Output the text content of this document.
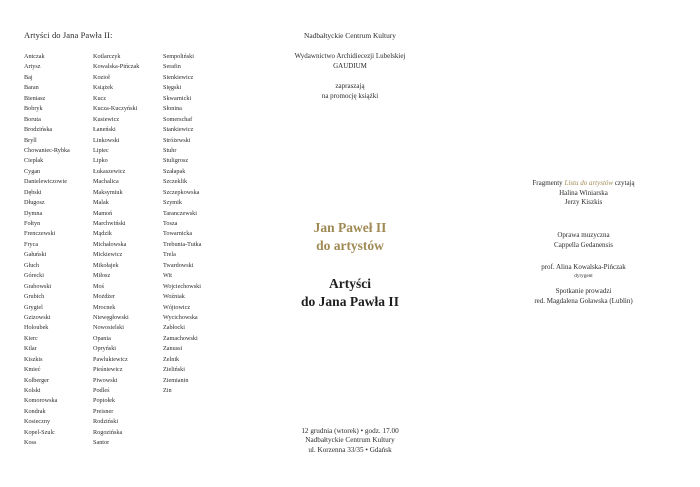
Artyści do Jana Pawła II:
Antczak
Artysz
Baj
Baran
Bieniasz
Bobryk
Boruta
Brodzińska
Bryll
Chowaniec-Rybka
Cieplak
Cygan
Danielewiczowie
Dębski
Długosz
Dymna
Fołtyn
Frenczewski
Fryca
Gałuński
Głuch
Górecki
Grabowski
Grubich
Grygiel
Gzizowski
Holoubek
Kierc
Kilar
Kiszkis
Kmieć
Kolberger
Kolski
Komorowska
Kondrak
Kosieczny
Kopel-Szulc
Koss
Kotlarczyk
Kowalska-Pińczak
Kozioł
Książek
Kucz
Kucza-Kuczyński
Kusiewicz
Łaneński
Linkowski
Lipiec
Lipko
Łukaszewicz
Machalica
Maksymiuk
Malak
Mamoń
Marchwiński
Mądzik
Michałowska
Mickiewicz
Mikołajek
Miłosz
Moś
Możdżer
Mrocnek
Niewęgłowski
Nowosielski
Opania
Opryński
Pawlukiewicz
Pieśniewicz
Piwowski
Podleś
Popiołek
Preisner
Rodziński
Rogozińska
Santor
Sempoliński
Serafin
Sienkiewicz
Sięgski
Skwarnicki
Słonina
Somerschaf
Stankiewicz
Stróżewski
Stuhr
Stuligrosz
Szałapak
Szczeklik
Szczepkowska
Szymik
Taranczewski
Tosza
Towarnicka
Trebunia-Tutka
Trela
Twardowski
Wit
Wojciechowski
Woźniak
Wójtowicz
Wycichowska
Zabłocki
Zamachowski
Zanussi
Zelnik
Zieliński
Ziemianin
Zin
Nadbałtyckie Centrum Kultury
Wydawnictwo Archidiecezji Lubelskiej
GAUDIUM
zapraszają
na promocję książki
Jan Paweł II
do artystów
Artyści
do Jana Pawła II
12 grudnia (wtorek) • godz. 17.00
Nadbałtyckie Centrum Kultury
ul. Korzenna 33/35 • Gdańsk
Fragmenty Listu do artystów czytają
Halina Winiarska
Jerzy Kiszkis
Oprawa muzyczna
Cappella Gedanensis
prof. Alina Kowalska-Pińczak
dyrygent
Spotkanie prowadzi
red. Magdalena Goławska (Lublin)
